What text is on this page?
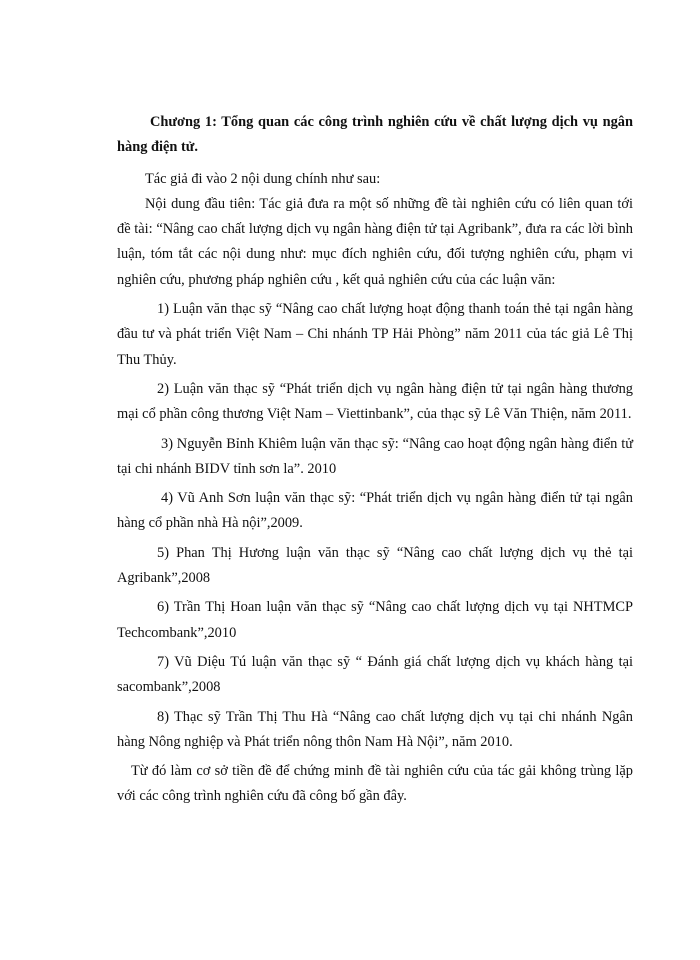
Chương 1: Tổng quan các công trình nghiên cứu về chất lượng dịch vụ ngân hàng điện tử.

Tác giả đi vào 2 nội dung chính như sau:

Nội dung đầu tiên: Tác giả đưa ra một số những đề tài nghiên cứu có liên quan tới đề tài: “Nâng cao chất lượng dịch vụ ngân hàng điện tử tại Agribank”, đưa ra các lời bình luận, tóm tắt các nội dung như: mục đích nghiên cứu, đối tượng nghiên cứu, phạm vi nghiên cứu, phương pháp nghiên cứu , kết quả nghiên cứu của các luận văn:

1) Luận văn thạc sỹ “Nâng cao chất lượng hoạt động thanh toán thẻ tại ngân hàng đầu tư và phát triển Việt Nam – Chi nhánh TP Hải Phòng” năm 2011 của tác giả Lê Thị Thu Thủy.

2) Luận văn thạc sỹ “Phát triển dịch vụ ngân hàng điện tử tại ngân hàng thương mại cổ phần công thương Việt Nam – Viettinbank”, của thạc sỹ Lê Văn Thiện, năm 2011.

3) Nguyễn Bỉnh Khiêm luận văn thạc sỹ: “Nâng cao hoạt động ngân hàng điển tử tại chi nhánh BIDV tỉnh sơn la”. 2010

4) Vũ Anh Sơn luận văn thạc sỹ: “Phát triển dịch vụ ngân hàng điển tử tại ngân hàng cổ phần nhà Hà nội”,2009.

5) Phan Thị Hương luận văn thạc sỹ “Nâng cao chất lượng dịch vụ thẻ tại Agribank”,2008

6) Trần Thị Hoan luận văn thạc sỹ “Nâng cao chất lượng dịch vụ tại NHTMCP Techcombank”,2010

7) Vũ Diệu Tú luận văn thạc sỹ “ Đánh giá chất lượng dịch vụ khách hàng tại sacombank”,2008

8) Thạc sỹ Trần Thị Thu Hà “Nâng cao chất lượng dịch vụ tại chi nhánh Ngân hàng Nông nghiệp và Phát triển nông thôn Nam Hà Nội”, năm 2010.

Từ đó làm cơ sở tiền đề để chứng minh đề tài nghiên cứu của tác gải không trùng lặp với các công trình nghiên cứu đã công bố gần đây.
